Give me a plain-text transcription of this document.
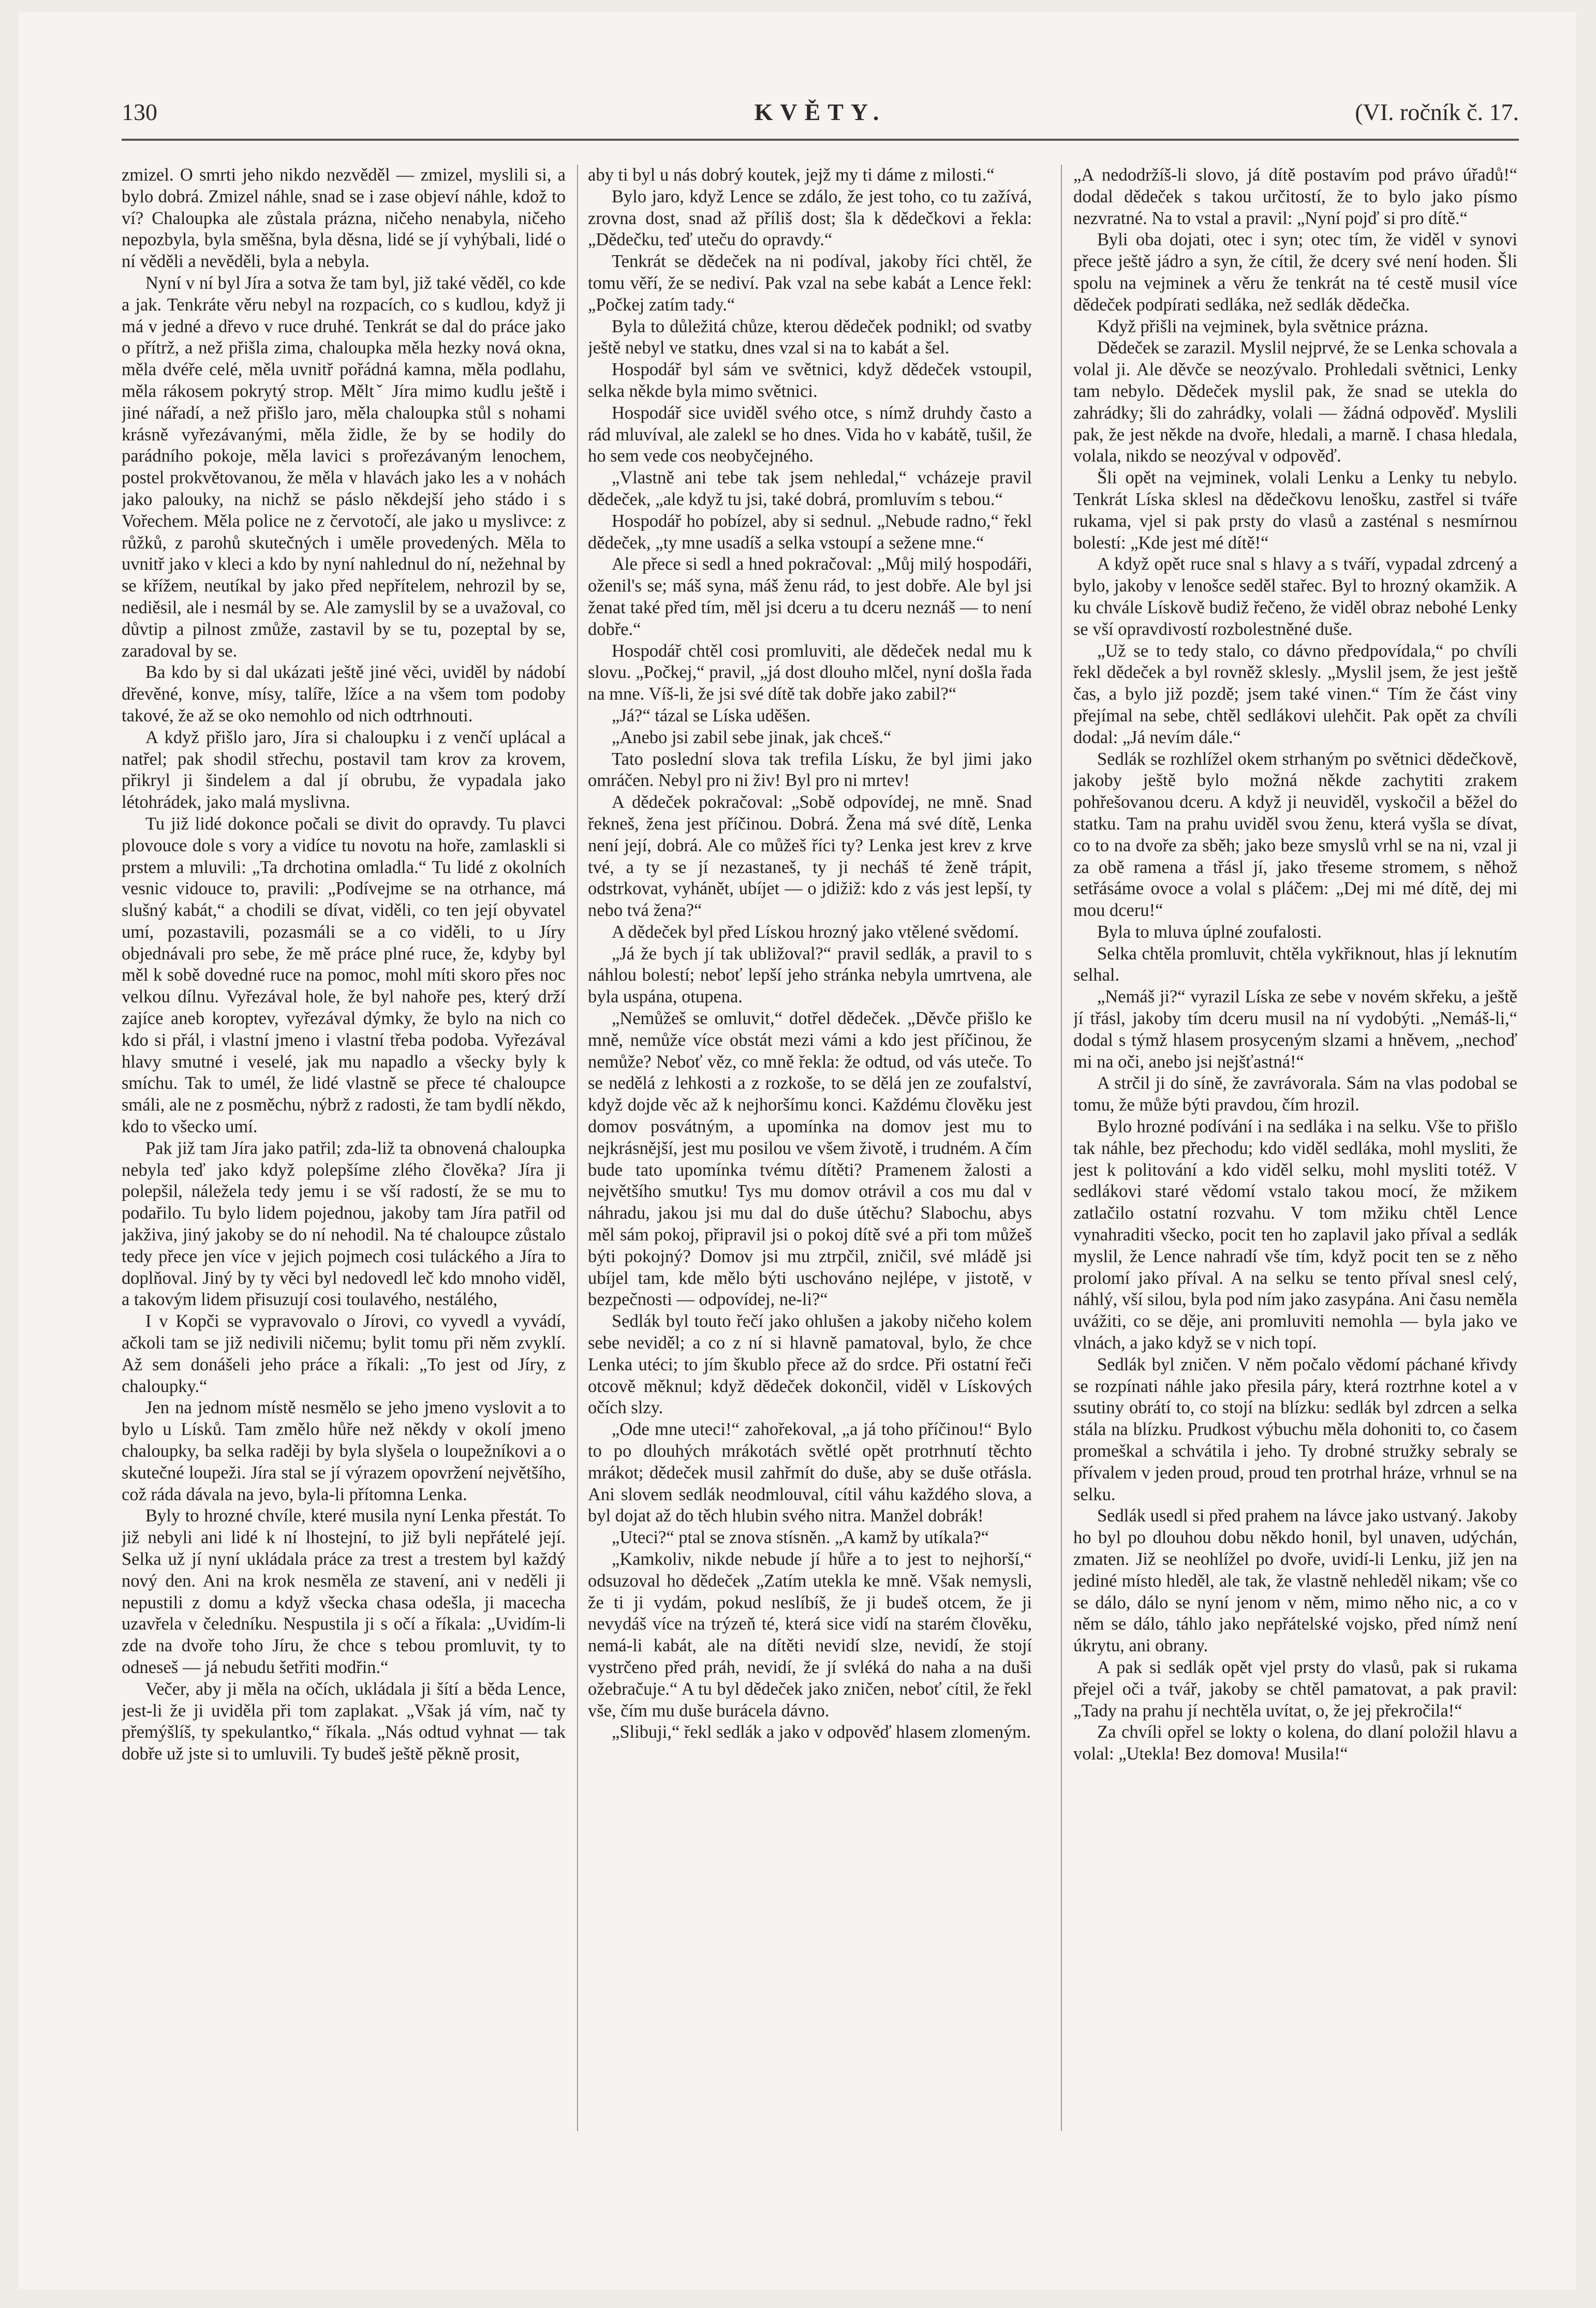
130	KVĚTY.	(VI. ročník č. 17.

zmizel. O smrti jeho nikdo nezvěděl — zmizel, myslili si, a bylo dobrá. Zmizel náhle, snad se i zase objeví náhle, kdož to ví? Chaloupka ale zůstala prázna, ničeho nenabyla, ničeho nepozbyla, byla směšna, byla děsna, lidé se jí vyhýbali, lidé o ní věděli a nevěděli, byla a nebyla.

Nyní v ní byl Jíra a sotva že tam byl, již také věděl, co kde a jak. Tenkráte věru nebyl na rozpacích, co s kudlou, když ji má v jedné a dřevo v ruce druhé. Tenkrát se dal do práce jako o přítrž, a než přišla zima, chaloupka měla hezky nová okna, měla dvéře celé, měla uvnitř pořádná kamna, měla podlahu, měla rákosem pokrytý strop. Měltˇ Jíra mimo kudlu ještě i jiné nářadí, a než přišlo jaro, měla chaloupka stůl s nohami krásně vyřezávanými, měla židle, že by se hodily do parádního pokoje, měla lavici s prořezávaným lenochem, postel prokvětovanou, že měla v hlavách jako les a v nohách jako palouky, na nichž se páslo někdejší jeho stádo i s Vořechem. Měla police ne z červotočí, ale jako u myslivce: z růžků, z parohů skutečných i uměle provedených. Měla to uvnitř jako v kleci a kdo by nyní nahlednul do ní, nežehnal by se křížem, neutíkal by jako před nepřítelem, nehrozil by se, nediěsil, ale i nesmál by se. Ale zamyslil by se a uvažoval, co důvtip a pilnost zmůže, zastavil by se tu, pozeptal by se, zaradoval by se.

Ba kdo by si dal ukázati ještě jiné věci, uviděl by nádobí dřevěné, konve, mísy, talíře, lžíce a na všem tom podoby takové, že až se oko nemohlo od nich odtrhnouti.

A když přišlo jaro, Jíra si chaloupku i z venčí uplácal a natřel; pak shodil střechu, postavil tam krov za krovem, přikryl ji šindelem a dal jí obrubu, že vypadala jako létohrádek, jako malá myslivna.

Tu již lidé dokonce počali se divit do opravdy. Tu plavci plovouce dole s vory a vidíce tu novotu na hoře, zamlaskli si prstem a mluvili: „Ta drchotina omladla.“ Tu lidé z okolních vesnic vidouce to, pravili: „Podívejme se na otrhance, má slušný kabát,“ a chodili se dívat, viděli, co ten její obyvatel umí, pozastavili, pozasmáli se a co viděli, to u Jíry objednávali pro sebe, že mě práce plné ruce, že, kdyby byl měl k sobě dovedné ruce na pomoc, mohl míti skoro přes noc velkou dílnu. Vyřezával hole, že byl nahoře pes, který drží zajíce aneb koroptev, vyřezával dýmky, že bylo na nich co kdo si přál, i vlastní jmeno i vlastní třeba podoba. Vyřezával hlavy smutné i veselé, jak mu napadlo a všecky byly k smíchu. Tak to umél, že lidé vlastně se přece té chaloupce smáli, ale ne z posměchu, nýbrž z radosti, že tam bydlí někdo, kdo to všecko umí.

Pak již tam Jíra jako patřil; zda-liž ta obnovená chaloupka nebyla teď jako když polepšíme zlého člověka? Jíra ji polepšil, náležela tedy jemu i se vší radostí, že se mu to podařilo. Tu bylo lidem pojednou, jakoby tam Jíra patřil od jakživa, jiný jakoby se do ní nehodil. Na té chaloupce zůstalo tedy přece jen více v jejich pojmech cosi tuláckého a Jíra to doplňoval. Jiný by ty věci byl nedovedl leč kdo mnoho viděl, a takovým lidem přisuzují cosi toulavého, nestálého,

I v Kopči se vypravovalo o Jírovi, co vyvedl a vyvádí, ačkoli tam se již nedivili ničemu; bylit tomu při něm zvyklí. Až sem donášeli jeho práce a říkali: „To jest od Jíry, z chaloupky.“

Jen na jednom místě nesmělo se jeho jmeno vyslovit a to bylo u Lísků. Tam změlo hůře než někdy v okolí jmeno chaloupky, ba selka raději by byla slyšela o loupežníkovi a o skutečné loupeži. Jíra stal se jí výrazem opovržení největšího, což ráda dávala na jevo, byla-li přítomna Lenka.

Byly to hrozné chvíle, které musila nyní Lenka přestát. To již nebyli ani lidé k ní lhostejní, to již byli nepřátelé její. Selka už jí nyní ukládala práce za trest a trestem byl každý nový den. Ani na krok nesměla ze stavení, ani v neděli ji nepustili z domu a když všecka chasa odešla, ji macecha uzavřela v čeledníku. Nespustila ji s očí a říkala: „Uvidím-li zde na dvoře toho Jíru, že chce s tebou promluvit, ty to odneseš — já nebudu šetřiti modřin.“

Večer, aby ji měla na očích, ukládala ji šítí a běda Lence, jest-li že ji uviděla při tom zaplakat. „Však já vím, nač ty přemýšlíš, ty spekulantko,“ říkala. „Nás odtud vyhnat — tak dobře už jste si to umluvili. Ty budeš ještě pěkně prosit,

aby ti byl u nás dobrý koutek, jejž my ti dáme z milosti.“

Bylo jaro, když Lence se zdálo, že jest toho, co tu zažívá, zrovna dost, snad až příliš dost; šla k dědečkovi a řekla: „Dědečku, teď uteču do opravdy.“

Tenkrát se dědeček na ni podíval, jakoby říci chtěl, že tomu věří, že se nediví. Pak vzal na sebe kabát a Lence řekl: „Počkej zatím tady.“

Byla to důležitá chůze, kterou dědeček podnikl; od svatby ještě nebyl ve statku, dnes vzal si na to kabát a šel.

Hospodář byl sám ve světnici, když dědeček vstoupil, selka někde byla mimo světnici.

Hospodář sice uviděl svého otce, s nímž druhdy často a rád mluvíval, ale zalekl se ho dnes. Vida ho v kabátě, tušil, že ho sem vede cos neobyčejného.

„Vlastně ani tebe tak jsem nehledal,“ vcházeje pravil dědeček, „ale když tu jsi, také dobrá, promluvím s tebou.“

Hospodář ho pobízel, aby si sednul. „Nebude radno,“ řekl dědeček, „ty mne usadíš a selka vstoupí a sežene mne.“

Ale přece si sedl a hned pokračoval: „Můj milý hospodáři, oženil's se; máš syna, máš ženu rád, to jest dobře. Ale byl jsi ženat také před tím, měl jsi dceru a tu dceru neznáš — to není dobře.“

Hospodář chtěl cosi promluviti, ale dědeček nedal mu k slovu. „Počkej,“ pravil, „já dost dlouho mlčel, nyní došla řada na mne. Víš-li, že jsi své dítě tak dobře jako zabil?“

„Já?“ tázal se Líska uděšen.

„Anebo jsi zabil sebe jinak, jak chceš.“

Tato poslední slova tak trefila Lísku, že byl jimi jako omráčen. Nebyl pro ni živ! Byl pro ni mrtev!

A dědeček pokračoval: „Sobě odpovídej, ne mně. Snad řekneš, žena jest příčinou. Dobrá. Žena má své dítě, Lenka není její, dobrá. Ale co můžeš říci ty? Lenka jest krev z krve tvé, a ty se jí nezastaneš, ty ji necháš té ženě trápit, odstrkovat, vyhánět, ubíjet — o jdižiž: kdo z vás jest lepší, ty nebo tvá žena?“

A dědeček byl před Lískou hrozný jako vtělené svědomí.

„Já že bych jí tak ubližoval?“ pravil sedlák, a pravil to s náhlou bolestí; neboť lepší jeho stránka nebyla umrtvena, ale byla uspána, otupena.

„Nemůžeš se omluvit,“ dotřel dědeček. „Děvče přišlo ke mně, nemůže více obstát mezi vámi a kdo jest příčinou, že nemůže? Neboť věz, co mně řekla: že odtud, od vás uteče. To se nedělá z lehkosti a z rozkoše, to se dělá jen ze zoufalství, když dojde věc až k nejhoršímu konci. Každému člověku jest domov posvátným, a upomínka na domov jest mu to nejkrásnější, jest mu posilou ve všem životě, i trudném. A čím bude tato upomínka tvému dítěti? Pramenem žalosti a největšího smutku! Tys mu domov otrávil a cos mu dal v náhradu, jakou jsi mu dal do duše útěchu? Slabochu, abys měl sám pokoj, připravil jsi o pokoj dítě své a při tom můžeš býti pokojný? Domov jsi mu ztrpčil, zničil, své mládě jsi ubíjel tam, kde mělo býti uschováno nejlépe, v jistotě, v bezpečnosti — odpovídej, ne-li?“

Sedlák byl touto řečí jako ohlušen a jakoby ničeho kolem sebe neviděl; a co z ní si hlavně pamatoval, bylo, že chce Lenka utéci; to jím škublo přece až do srdce. Při ostatní řeči otcově měknul; když dědeček dokončil, viděl v Lískových očích slzy.

„Ode mne uteci!“ zahořekoval, „a já toho příčinou!“ Bylo to po dlouhých mrákotách světlé opět protrhnutí těchto mrákot; dědeček musil zahřmít do duše, aby se duše otřásla. Ani slovem sedlák neodmlouval, cítil váhu každého slova, a byl dojat až do těch hlubin svého nitra. Manžel dobrák!

„Uteci?“ ptal se znova stísněn. „A kamž by utíkala?“

„Kamkoliv, nikde nebude jí hůře a to jest to nejhorší,“ odsuzoval ho dědeček „Zatím utekla ke mně. Však nemysli, že ti ji vydám, pokud neslíbíš, že ji budeš otcem, že ji nevydáš více na trýzeň té, která sice vidí na starém člověku, nemá-li kabát, ale na dítěti nevidí slze, nevidí, že stojí vystrčeno před práh, nevidí, že jí svléká do naha a na duši ožebračuje.“ A tu byl dědeček jako zničen, neboť cítil, že řekl vše, čím mu duše burácela dávno.

„Slibuji,“ řekl sedlák a jako v odpověď hlasem zlomeným.

„A nedodržíš-li slovo, já dítě postavím pod právo úřadů!“ dodal dědeček s takou určitostí, že to bylo jako písmo nezvratné. Na to vstal a pravil: „Nyní pojď si pro dítě.“

Byli oba dojati, otec i syn; otec tím, že viděl v synovi přece ještě jádro a syn, že cítil, že dcery své není hoden. Šli spolu na vejminek a věru že tenkrát na té cestě musil více dědeček podpírati sedláka, než sedlák dědečka.

Když přišli na vejminek, byla světnice prázna.

Dědeček se zarazil. Myslil nejprvé, že se Lenka schovala a volal ji. Ale děvče se neozývalo. Prohledali světnici, Lenky tam nebylo. Dědeček myslil pak, že snad se utekla do zahrádky; šli do zahrádky, volali — žádná odpověď. Myslili pak, že jest někde na dvoře, hledali, a marně. I chasa hledala, volala, nikdo se neozýval v odpověď.

Šli opět na vejminek, volali Lenku a Lenky tu nebylo. Tenkrát Líska sklesl na dědečkovu lenošku, zastřel si tváře rukama, vjel si pak prsty do vlasů a zasténal s nesmírnou bolestí: „Kde jest mé dítě!“

A když opět ruce snal s hlavy a s tváří, vypadal zdrcený a bylo, jakoby v lenošce seděl stařec. Byl to hrozný okamžik. A ku chvále Lískově budiž řečeno, že viděl obraz nebohé Lenky se vší opravdivostí rozbolestněné duše.

„Už se to tedy stalo, co dávno předpovídala,“ po chvíli řekl dědeček a byl rovněž sklesly. „Myslil jsem, že jest ještě čas, a bylo již pozdě; jsem také vinen.“ Tím že část viny přejímal na sebe, chtěl sedlákovi ulehčit. Pak opět za chvíli dodal: „Já nevím dále.“

Sedlák se rozhlížel okem strhaným po světnici dědečkově, jakoby ještě bylo možná někde zachytiti zrakem pohřešovanou dceru. A když ji neuviděl, vyskočil a běžel do statku. Tam na prahu uviděl svou ženu, která vyšla se dívat, co to na dvoře za sběh; jako beze smyslů vrhl se na ni, vzal ji za obě ramena a třásl jí, jako třeseme stromem, s něhož setřásáme ovoce a volal s pláčem: „Dej mi mé dítě, dej mi mou dceru!“

Byla to mluva úplné zoufalosti.

Selka chtěla promluvit, chtěla vykřiknout, hlas jí leknutím selhal.

„Nemáš ji?“ vyrazil Líska ze sebe v novém skřeku, a ještě jí třásl, jakoby tím dceru musil na ní vydobýti. „Nemáš-li,“ dodal s týmž hlasem prosyceným slzami a hněvem, „nechoď mi na oči, anebo jsi nejšťastná!“

A strčil ji do síně, že zavrávorala. Sám na vlas podobal se tomu, že může býti pravdou, čím hrozil.

Bylo hrozné podívání i na sedláka i na selku. Vše to přišlo tak náhle, bez přechodu; kdo viděl sedláka, mohl mysliti, že jest k politování a kdo viděl selku, mohl mysliti totéž. V sedlákovi staré vědomí vstalo takou mocí, že mžikem zatlačilo ostatní rozvahu. V tom mžiku chtěl Lence vynahraditi všecko, pocit ten ho zaplavil jako příval a sedlák myslil, že Lence nahradí vše tím, když pocit ten se z něho prolomí jako příval. A na selku se tento příval snesl celý, náhlý, vší silou, byla pod ním jako zasypána. Ani času neměla uvážiti, co se děje, ani promluviti nemohla — byla jako ve vlnách, a jako když se v nich topí.

Sedlák byl zničen. V něm počalo vědomí páchané křivdy se rozpínati náhle jako přesila páry, která roztrhne kotel a v ssutiny obrátí to, co stojí na blízku: sedlák byl zdrcen a selka stála na blízku. Prudkost výbuchu měla dohoniti to, co časem promeškal a schvátila i jeho. Ty drobné stružky sebraly se přívalem v jeden proud, proud ten protrhal hráze, vrhnul se na selku.

Sedlák usedl si před prahem na lávce jako ustvaný. Jakoby ho byl po dlouhou dobu někdo honil, byl unaven, udýchán, zmaten. Již se neohlížel po dvoře, uvidí-li Lenku, již jen na jediné místo hleděl, ale tak, že vlastně nehleděl nikam; vše co se dálo, dálo se nyní jenom v něm, mimo něho nic, a co v něm se dálo, táhlo jako nepřátelské vojsko, před nímž není úkrytu, ani obrany.

A pak si sedlák opět vjel prsty do vlasů, pak si rukama přejel oči a tvář, jakoby se chtěl pamatovat, a pak pravil: „Tady na prahu jí nechtěla uvítat, o, že jej překročila!“

Za chvíli opřel se lokty o kolena, do dlaní položil hlavu a volal: „Utekla! Bez domova! Musila!“
